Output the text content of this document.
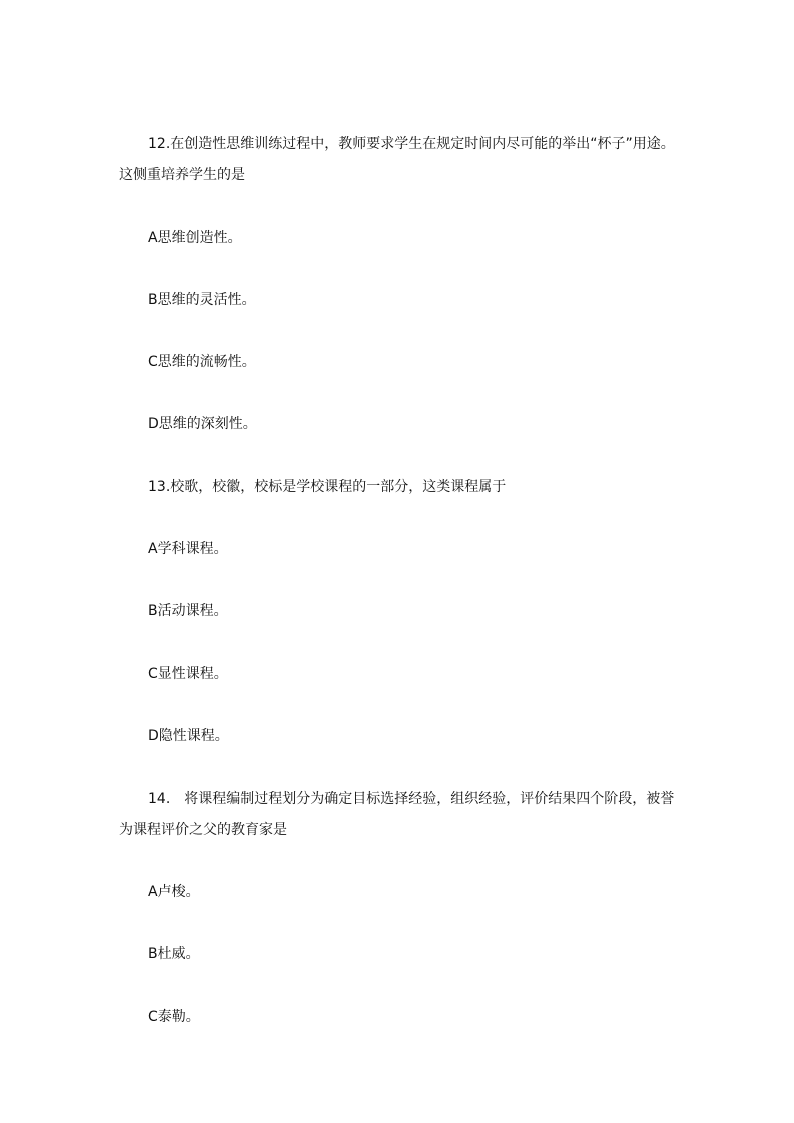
12.在创造性思维训练过程中，教师要求学生在规定时间内尽可能的举出“杯子”用途。
这侧重培养学生的是
A思维创造性。
B思维的灵活性。
C思维的流畅性。
D思维的深刻性。
13.校歌，校徽，校标是学校课程的一部分，这类课程属于
A学科课程。
B活动课程。
C显性课程。
D隐性课程。
14.　将课程编制过程划分为确定目标选择经验，组织经验，评价结果四个阶段，被誉
为课程评价之父的教育家是
A卢梭。
B杜威。
C泰勒。
